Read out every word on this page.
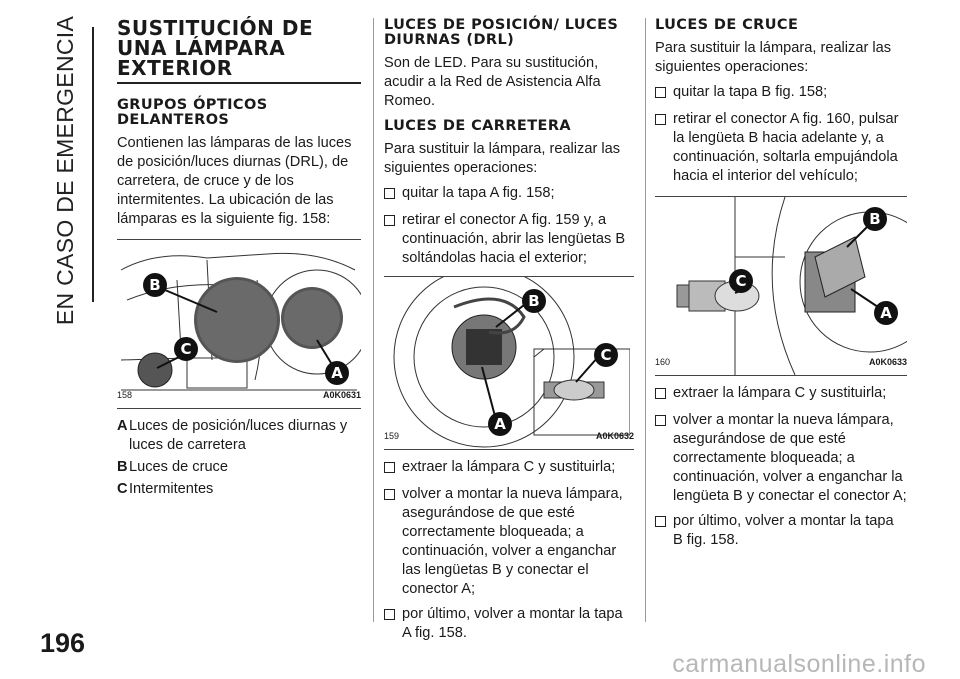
EN CASO DE EMERGENCIA SUSTITUCIÓN DE UNA LÁMPARA EXTERIOR
GRUPOS ÓPTICOS DELANTEROS

Contienen las lámparas de las luces de posición/luces diurnas (DRL), de carretera, de cruce y de los intermitentes. La ubicación de las lámparas es la siguiente fig. 158:

B
C
A
158	A0K0631
A Luces de posición/luces diurnas y luces de carretera
B Luces de cruce
C Intermitentes
LUCES DE POSICIÓN/ LUCES DIURNAS (DRL)

Son de LED. Para su sustitución, acudir a la Red de Asistencia Alfa Romeo.

LUCES DE CARRETERA

Para sustituir la lámpara, realizar las siguientes operaciones:

quitar la tapa A fig. 158;
retirar el conector A fig. 159 y, a continuación, abrir las lengüetas B soltándolas hacia el exterior;
B
C
A
159	A0K0632
extraer la lámpara C y sustituirla;
volver a montar la nueva lámpara, asegurándose de que esté correctamente bloqueada; a continuación, volver a enganchar las lengüetas B y conectar el conector A;
por último, volver a montar la tapa A fig. 158.
LUCES DE CRUCE

Para sustituir la lámpara, realizar las siguientes operaciones:

quitar la tapa B fig. 158;
retirar el conector A fig. 160, pulsar la lengüeta B hacia adelante y, a continuación, soltarla empujándola hacia el interior del vehículo;
B
C
A
160	A0K0633
extraer la lámpara C y sustituirla;
volver a montar la nueva lámpara, asegurándose de que esté correctamente bloqueada; a continuación, volver a enganchar la lengüeta B y conectar el conector A;
por último, volver a montar la tapa B fig. 158.
196
carmanualsonline.info
